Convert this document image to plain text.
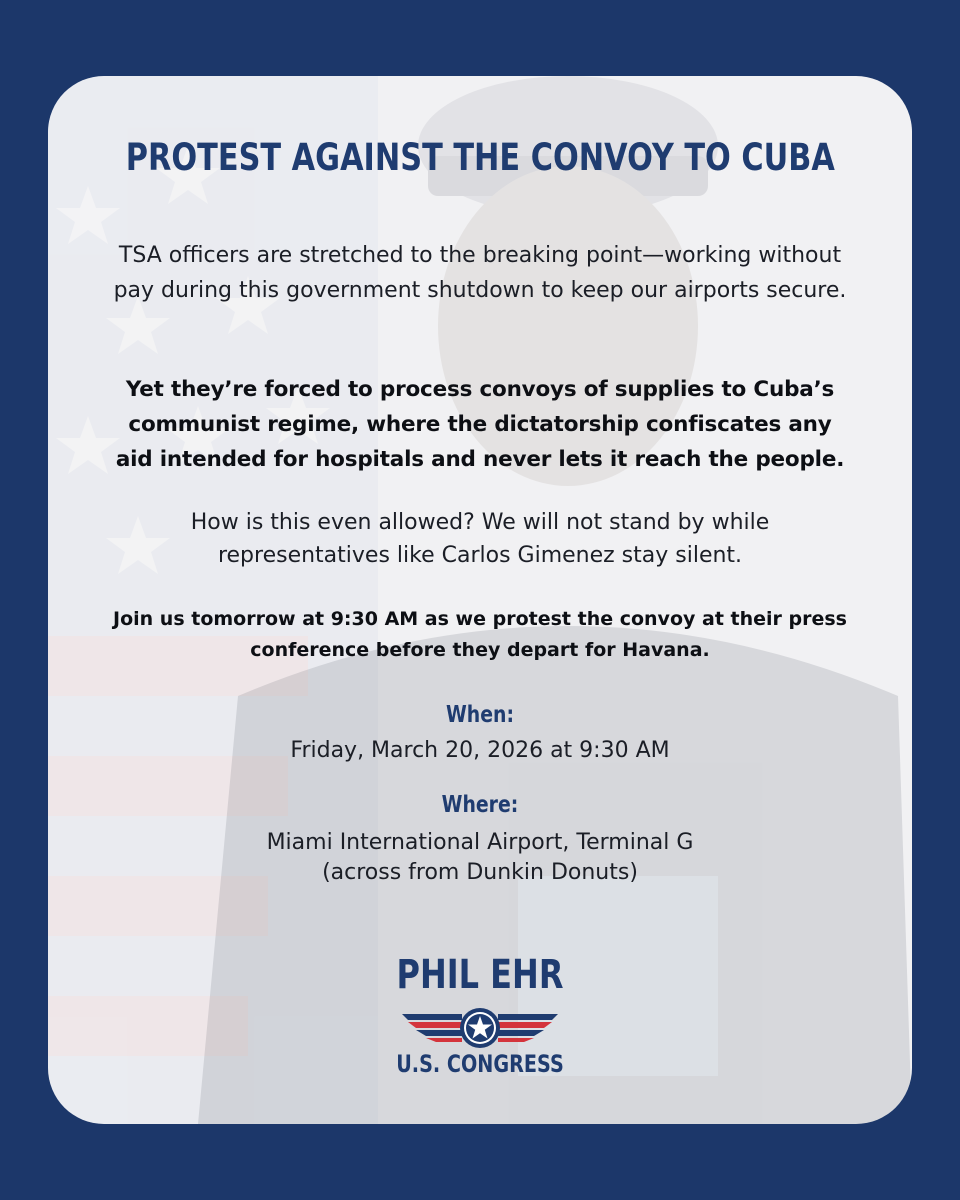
PROTEST AGAINST THE CONVOY TO CUBA

TSA officers are stretched to the breaking point—working without pay during this government shutdown to keep our airports secure.

Yet they’re forced to process convoys of supplies to Cuba’s communist regime, where the dictatorship confiscates any aid intended for hospitals and never lets it reach the people.

How is this even allowed? We will not stand by while representatives like Carlos Gimenez stay silent.

Join us tomorrow at 9:30 AM as we protest the convoy at their press conference before they depart for Havana.

When:
Friday, March 20, 2026 at 9:30 AM
Where:
Miami International Airport, Terminal G
(across from Dunkin Donuts)
PHIL EHR
U.S. CONGRESS
